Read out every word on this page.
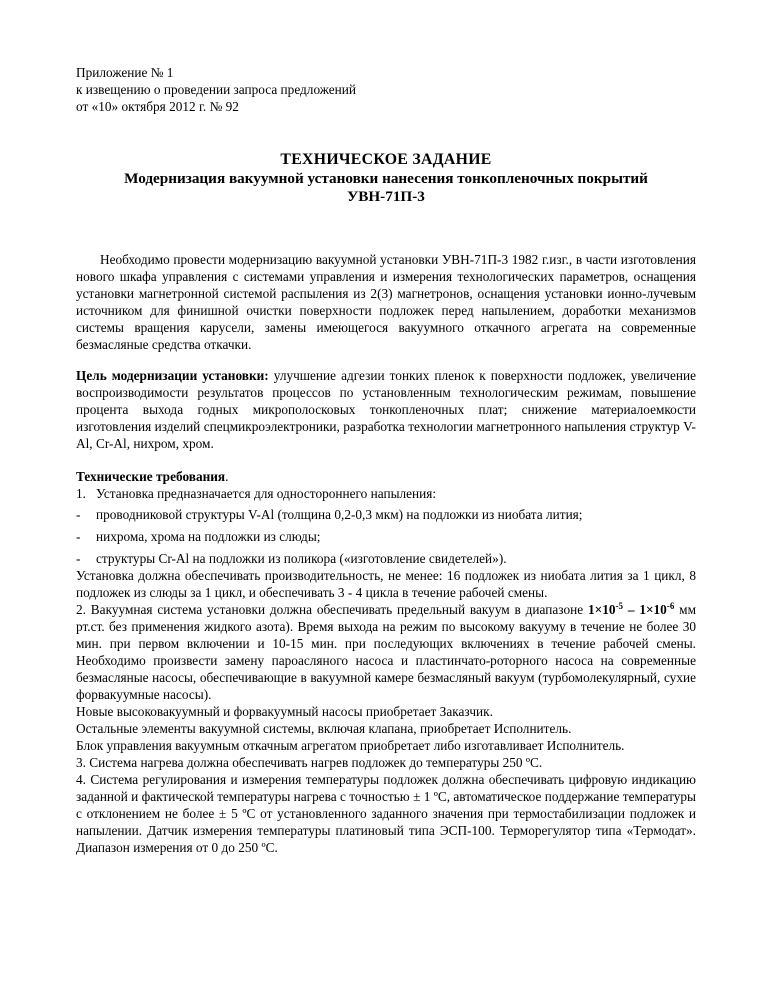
Приложение № 1
к извещению о проведении запроса предложений
от «10» октября 2012 г. № 92
ТЕХНИЧЕСКОЕ ЗАДАНИЕ
Модернизация вакуумной установки нанесения тонкопленочных покрытий УВН-71П-3

Необходимо провести модернизацию вакуумной установки УВН-71П-3 1982 г.изг., в части изготовления нового шкафа управления с системами управления и измерения технологических параметров, оснащения установки магнетронной системой распыления из 2(3) магнетронов, оснащения установки ионно-лучевым источником для финишной очистки поверхности подложек перед напылением, доработки механизмов системы вращения карусели, замены имеющегося вакуумного откачного агрегата на современные безмасляные средства откачки.

Цель модернизации установки: улучшение адгезии тонких пленок к поверхности подложек, увеличение воспроизводимости результатов процессов по установленным технологическим режимам, повышение процента выхода годных микрополосковых тонкопленочных плат; снижение материалоемкости изготовления изделий спецмикроэлектроники, разработка технологии магнетронного напыления структур V-Al, Cr-Al, нихром, хром.

Технические требования.
1. Установка предназначается для одностороннего напыления:
-	проводниковой структуры V-Al (толщина 0,2-0,3 мкм) на подложки из ниобата лития;
-	нихрома, хрома на подложки из слюды;
-	структуры Cr-Al на подложки из поликора («изготовление свидетелей»).

Установка должна обеспечивать производительность, не менее: 16 подложек из ниобата лития за 1 цикл, 8 подложек из слюды за 1 цикл, и обеспечивать 3 - 4 цикла в течение рабочей смены.

2. Вакуумная система установки должна обеспечивать предельный вакуум в диапазоне $1\times 10^{-5} - 1\times 10^{-6}$ мм рт.ст. без применения жидкого азота). Время выхода на режим по высокому вакууму в течение не более 30 мин. при первом включении и 10-15 мин. при последующих включениях в течение рабочей смены. Необходимо произвести замену пароасляного насоса и пластинчато-роторного насоса на современные безмасляные насосы, обеспечивающие в вакуумной камере безмасляный вакуум (турбомолекулярный, сухие форвакуумные насосы).

Новые высоковакуумный и форвакуумный насосы приобретает Заказчик.

Остальные элементы вакуумной системы, включая клапана, приобретает Исполнитель.

Блок управления вакуумным откачным агрегатом приобретает либо изготавливает Исполнитель.

3. Система нагрева должна обеспечивать нагрев подложек до температуры 250 ºС.

4. Система регулирования и измерения температуры подложек должна обеспечивать цифровую индикацию заданной и фактической температуры нагрева с точностью ± 1 ºС, автоматическое поддержание температуры с отклонением не более ± 5 ºС от установленного заданного значения при термостабилизации подложек и напылении. Датчик измерения температуры платиновый типа ЭСП-100. Терморегулятор типа «Термодат». Диапазон измерения от 0 до 250 ºС.
